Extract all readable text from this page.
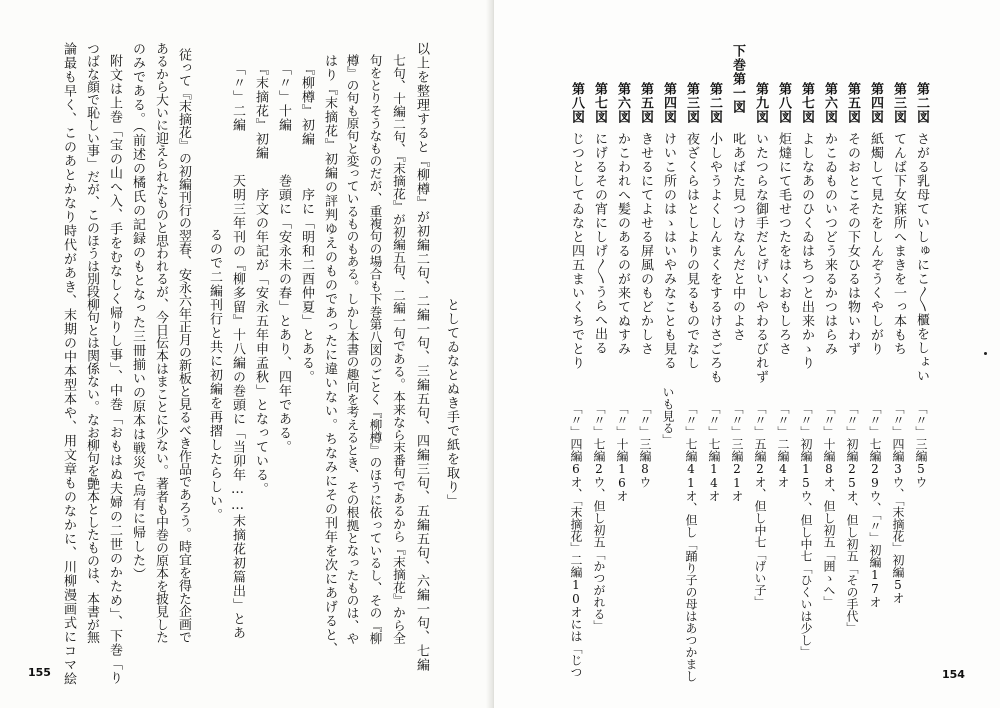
としてゐなとぬき手で紙を取り」
以上を整理すると『柳樽』が初編二句、二編一句、三編五句、四編三句、五編五句、六編一句、七編
七句、十編二句、『末摘花』が初編五句、二編一句である。本来なら末番句であるから『末摘花』から全
句をとりそうなものだが、重複句の場合も下巻第八図のごとく『柳樽』のほうに依っているし、その『柳
樽』の句も原句と変っているものもある。しかし本書の趣向を考えるとき、その根拠となったものは、や
はり『末摘花』初編の評判ゆえのものであったに違いない。ちなみにその刊年を次にあげると、
『柳樽』初編　　　序に「明和二酉仲夏」とある。
「〃」十編　　　巻頭に「安永未の春」とあり、四年である。
『末摘花』初編　　序文の年記が「安永五年申孟秋」となっている。
「〃」二編　　　天明三年刊の『柳多留』十八編の巻頭に「当卯年……末摘花初篇出」とあ
るので二編刊行と共に初編を再摺したらしい。
従って『末摘花』の初編刊行の翌春、安永六年正月の新板と見るべき作品であろう。時宜を得た企画で
あるから大いに迎えられたものと思われるが、今日伝本はまことに少ない。著者も中巻の原本を披見した
のみである。（前述の橘氏の記録のもとなった三冊揃いの原本は戦災で烏有に帰した）
附文は上巻「宝の山へ入、手をむなしく帰りし事」、中巻「おもはぬ夫婦の二世のかため」、下巻「り
つばな顔で恥しい事」だが、このほうは別段柳句とは関係ない。なお柳句を艶本としたものは、本書が無
論最も早く、このあとかなり時代があき、末期の中本型本や、用文章ものなかに、川柳漫画式にコマ絵
155
第二図
さがる乳母ていしゅにこ〳〵櫃をしょい
「〃」三編5ウ
第三図
てんば下女寐所へまきを一っ本もち
「〃」四編3ウ、「末摘花」初編5オ
第四図
紙燭して見たをしんぞうくやしがり
「〃」七編29ウ、「〃」初編17オ
第五図
そのおとこその下女ひるは物いわず
「〃」初編25オ、但し初五「その手代」
第六図
かこゐものいつどう来るかつはらみ
「〃」十編8オ、但し初五「囲ゝへ」
第七図
よしなあのひくゐはちつと出来かゝり
「〃」初編15ウ、但し中七「ひくいは少し」
第八図
炬燵にて毛せつたをはくおもしろさ
「〃」二編4オ
第九図
いたつらな御手だとげいしやわるびれず
「〃」五編2オ、但し中七「げい子」
下巻第一図
叱あばた見つけなんだと中のよさ
「〃」三編21オ
第二図
小しやうよくしんまくをするけさごろも
「〃」七編14オ
第三図
夜ざくらはとしよりの見るものでなし
「〃」七編41オ、但し「踊り子の母はあつかまし
第四図
けいこ所のはゝはいやみなことも見る
いも見る」
第五図
きせるにてよせる屏風のもどかしさ
「〃」三編8ウ
第六図
かこわれへ髪のあるのが来てぬすみ
「〃」十編16オ
第七図
にげるその宵にしげ〳〵うらへ出る
「〃」七編2ウ、但し初五「かつがれる」
第八図
じつとしてゐなと四五まいくちでとり
「〃」四編6オ、「末摘花」二編10オには「じつ	154
